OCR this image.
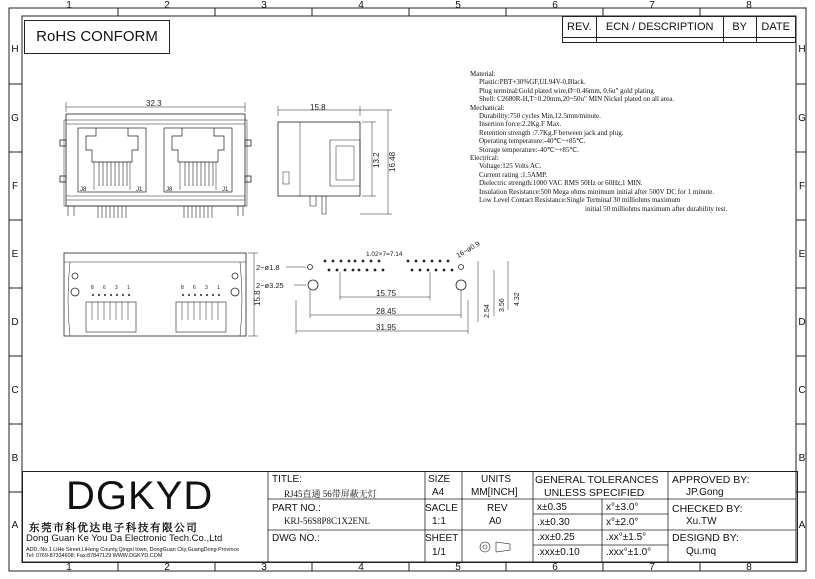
1	2	3	4	5	6	7	8
1	2	3	4	5	6	7	8
H
G
F
E
D
C
B
A
H
G
F
E
D
C
B
A
RoHS CONFORM
REV.	ECN / DESCRIPTION	BY	DATE

Material:
Plastic:PBT+30%GF,UL94V-0,Black.
Plug terminal:Gold plated wire,Ø=0.46mm, 0.6u" gold plating.
Shell: C2680R-H,T=0.20mm,20~50u" MIN Nickel plated on all area.
Mechanical:
Durability:750 cycles Min,12.5mm/minute.
Insertion force:2.2Kg.F Max.
Retention strength :7.7Kg.F between jack and plug.
Operating temperature:-40℃~+85℃.
Storage temperature:-40℃~+85℃.
Electrical:
Voltage:125 Volts AC.
Current rating :1.5AMP.
Dielectric strength:1000 VAC RMS 50Hz or 60Hz,1 MIN.
Insulation Resistance:500 Mega ohms minimum initial after 500V DC for 1 minute.
Low Level Contact Resistance:Single Terminal 30 milliohms maximum
initial 50 milliohms maximum after durability test.
32.3
J8	J1	J8	J1
15.8
13.2 16.48
8 6 3 1	8 6 3 1
15.8
2−ø1.8
2−ø3.25
1.02×7=7.14	16−ø0.9
15.75
28.45
31.95
2.54 3.56 4.32
DGKYD
东莞市科优达电子科技有限公司
Dong Guan Ke You Da Electronic Tech.Co.,Ltd
ADD.:No.1 LiHe Street,LiHeng County,Qingxi town, DongGuan City,GuangDong Province
Tel: 0769-87334608; Fax:87847129 WWW.DGKYD.COM
TITLE:
RJ45直通 56带屏蔽无灯
PART NO.:
KRJ-56S8P8C1X2ENL
DWG NO.:
SIZE
A4
UNITS
MM[INCH]
SACLE
1:1
REV
A0
SHEET
1/1
GENERAL TOLERANCES
UNLESS SPECIFIED
x±0.35	x°±3.0°
.x±0.30	x°±2.0°
.xx±0.25	.xx°±1.5°
.xxx±0.10	.xxx°±1.0°
APPROVED BY:
JP.Gong
CHECKED BY:
Xu.TW
DESIGND BY:
Qu.mq
